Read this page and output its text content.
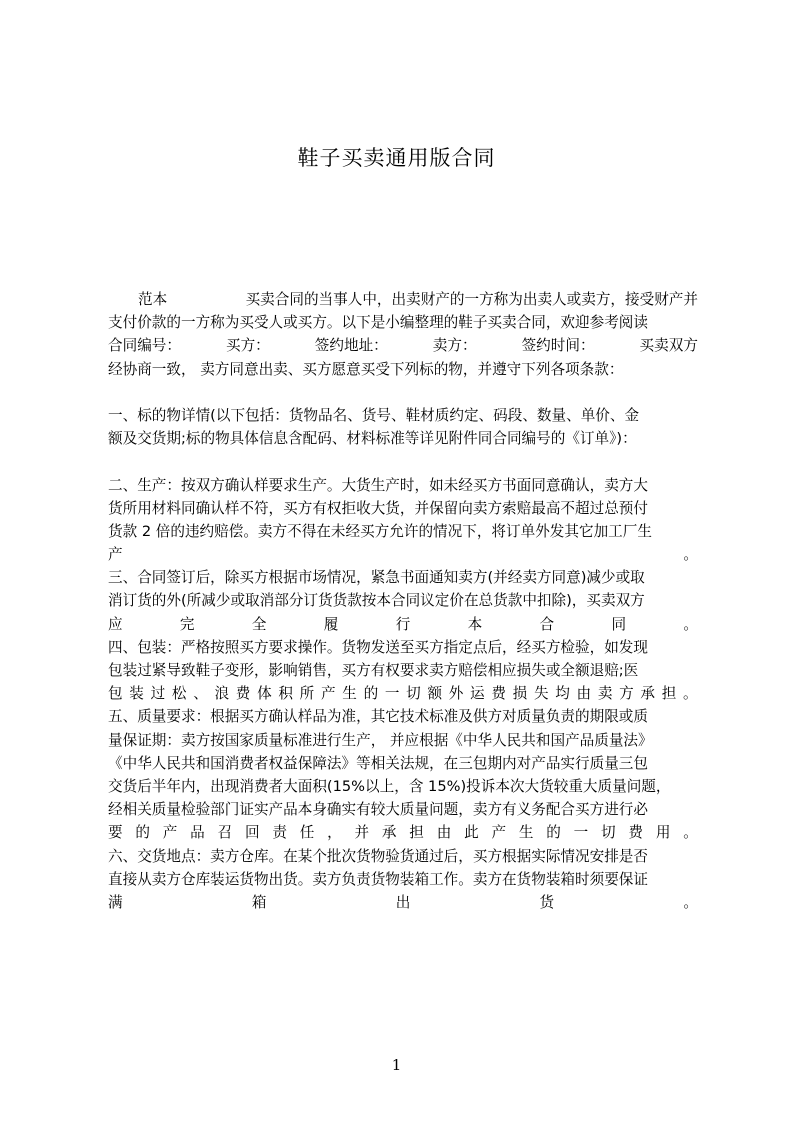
鞋子买卖通用版合同
范本	买卖合同的当事人中，出卖财产的一方称为出卖人或卖方，接受财产并
支付价款的一方称为买受人或买方。以下是小编整理的鞋子买卖合同，欢迎参考阅读
合同编号：	买方：	签约地址：	卖方：	签约时间：	买卖双方
经协商一致， 卖方同意出卖、买方愿意买受下列标的物，并遵守下列各项条款：
一、标的物详情(以下包括：货物品名、货号、鞋材质约定、码段、数量、单价、金
额及交货期;标的物具体信息含配码、材料标准等详见附件同合同编号的《订单》)：
二、生产：按双方确认样要求生产。大货生产时，如未经买方书面同意确认，卖方大
货所用材料同确认样不符，买方有权拒收大货，并保留向卖方索赔最高不超过总预付
货款 2 倍的违约赔偿。卖方不得在未经买方允许的情况下，将订单外发其它加工厂生
产	。
三、合同签订后，除买方根据市场情况，紧急书面通知卖方(并经卖方同意)减少或取
消订货的外(所减少或取消部分订货货款按本合同议定价在总货款中扣除)，买卖双方
应	完	全	履	行	本	合	同	。
四、包装：严格按照买方要求操作。货物发送至买方指定点后，经买方检验，如发现
包装过紧导致鞋子变形，影响销售，买方有权要求卖方赔偿相应损失或全额退赔;医
包 装 过 松 、 浪 费 体 积 所 产 生 的 一 切 额 外 运 费 损 失 均 由 卖 方 承 担 。
五、质量要求：根据买方确认样品为准，其它技术标准及供方对质量负责的期限或质
量保证期：卖方按国家质量标准进行生产， 并应根据《中华人民共和国产品质量法》
《中华人民共和国消费者权益保障法》等相关法规，在三包期内对产品实行质量三包
交货后半年内，出现消费者大面积(15%以上，含 15%)投诉本次大货较重大质量问题，
经相关质量检验部门证实产品本身确实有较大质量问题，卖方有义务配合买方进行必
要 的 产 品 召 回 责 任 ， 并 承 担 由 此 产 生 的 一 切 费 用 。
六、交货地点：卖方仓库。在某个批次货物验货通过后，买方根据实际情况安排是否
直接从卖方仓库装运货物出货。卖方负责货物装箱工作。卖方在货物装箱时须要保证
满	箱	出	货	。
1
